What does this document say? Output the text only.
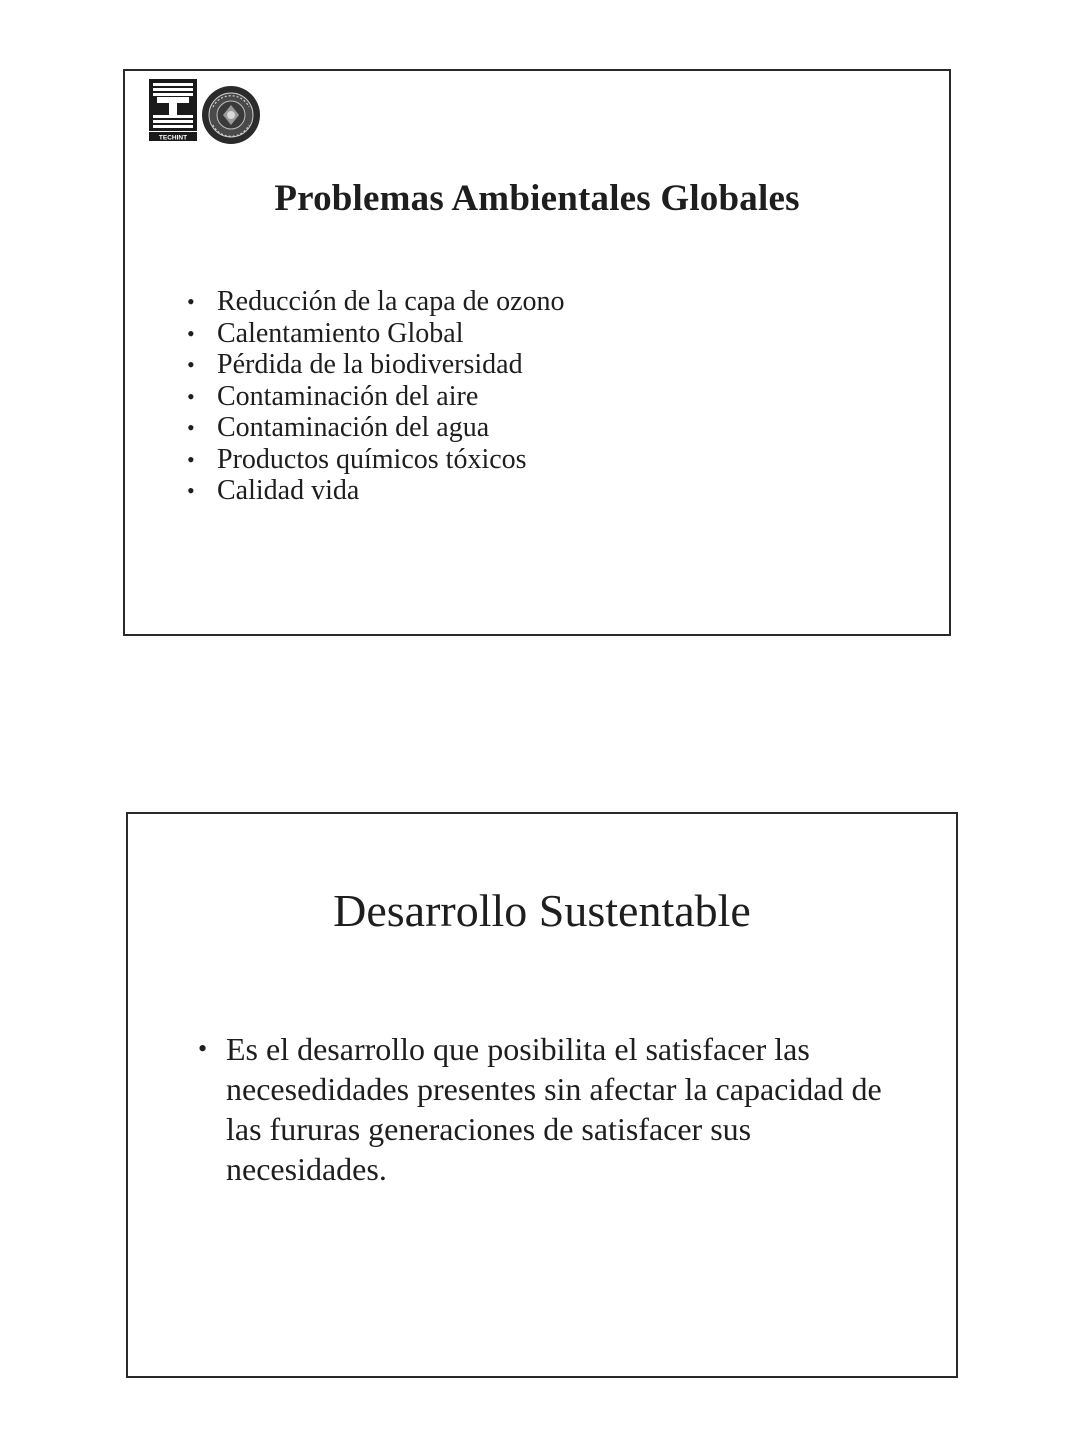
TECHINT
Problemas Ambientales Globales
• Reducción de la capa de ozono
• Calentamiento Global
• Pérdida de la biodiversidad
• Contaminación del aire
• Contaminación del agua
• Productos químicos tóxicos
• Calidad vida
Desarrollo Sustentable
• Es el desarrollo que posibilita el satisfacer las necesedidades presentes sin afectar la capacidad de las fururas generaciones de satisfacer sus necesidades.
